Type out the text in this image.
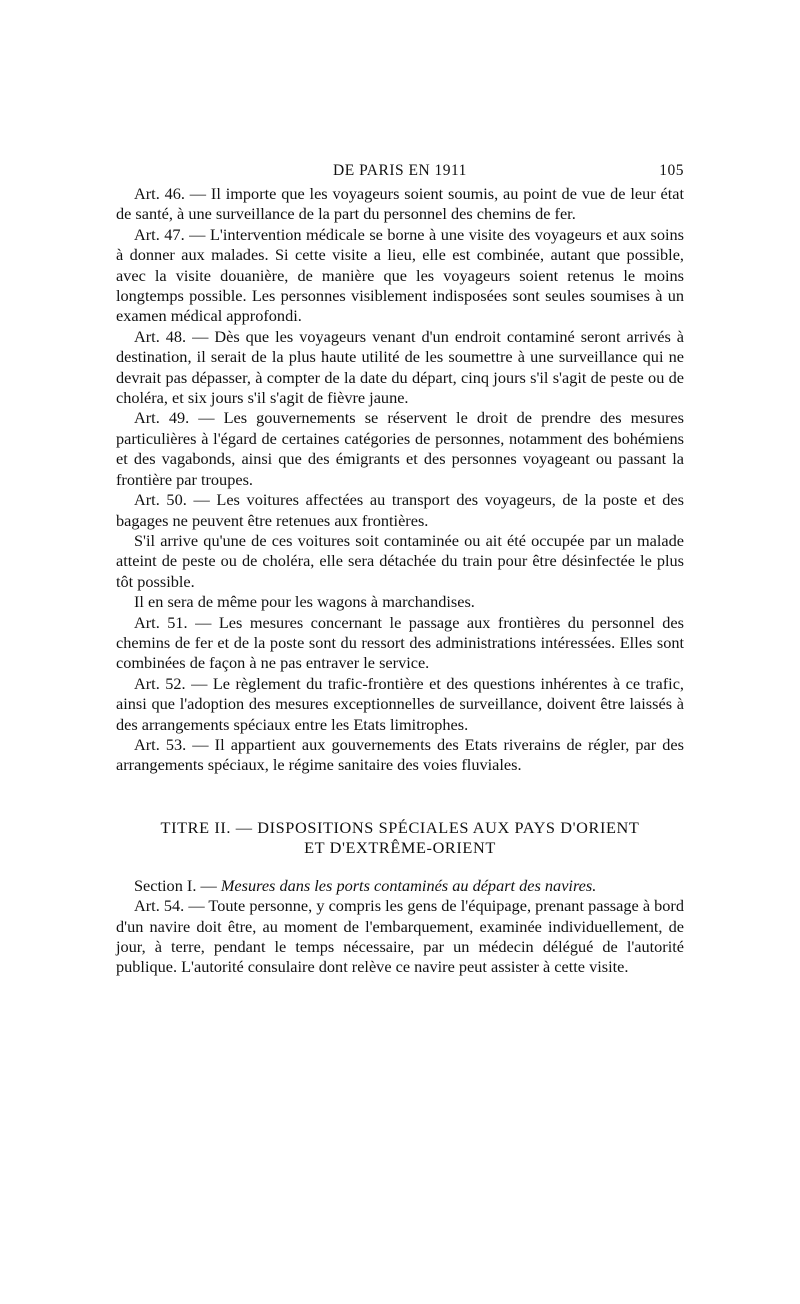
DE PARIS EN 1911	105

Art. 46. — Il importe que les voyageurs soient soumis, au point de vue de leur état de santé, à une surveillance de la part du personnel des chemins de fer.

Art. 47. — L'intervention médicale se borne à une visite des voyageurs et aux soins à donner aux malades. Si cette visite a lieu, elle est combinée, autant que possible, avec la visite douanière, de manière que les voyageurs soient retenus le moins longtemps possible. Les personnes visiblement indisposées sont seules soumises à un examen médical approfondi.

Art. 48. — Dès que les voyageurs venant d'un endroit contaminé seront arrivés à destination, il serait de la plus haute utilité de les soumettre à une surveillance qui ne devrait pas dépasser, à compter de la date du départ, cinq jours s'il s'agit de peste ou de choléra, et six jours s'il s'agit de fièvre jaune.

Art. 49. — Les gouvernements se réservent le droit de prendre des mesures particulières à l'égard de certaines catégories de personnes, notamment des bohémiens et des vagabonds, ainsi que des émigrants et des personnes voyageant ou passant la frontière par troupes.

Art. 50. — Les voitures affectées au transport des voyageurs, de la poste et des bagages ne peuvent être retenues aux frontières.

S'il arrive qu'une de ces voitures soit contaminée ou ait été occupée par un malade atteint de peste ou de choléra, elle sera détachée du train pour être désinfectée le plus tôt possible.

Il en sera de même pour les wagons à marchandises.

Art. 51. — Les mesures concernant le passage aux frontières du personnel des chemins de fer et de la poste sont du ressort des administrations intéressées. Elles sont combinées de façon à ne pas entraver le service.

Art. 52. — Le règlement du trafic-frontière et des questions inhérentes à ce trafic, ainsi que l'adoption des mesures exceptionnelles de surveillance, doivent être laissés à des arrangements spéciaux entre les Etats limitrophes.

Art. 53. — Il appartient aux gouvernements des Etats riverains de régler, par des arrangements spéciaux, le régime sanitaire des voies fluviales.

TITRE II. — DISPOSITIONS SPÉCIALES AUX PAYS D'ORIENT
ET D'EXTRÊME-ORIENT

Section I. — Mesures dans les ports contaminés au départ des navires.

Art. 54. — Toute personne, y compris les gens de l'équipage, prenant passage à bord d'un navire doit être, au moment de l'embarquement, examinée individuellement, de jour, à terre, pendant le temps nécessaire, par un médecin délégué de l'autorité publique. L'autorité consulaire dont relève ce navire peut assister à cette visite.
